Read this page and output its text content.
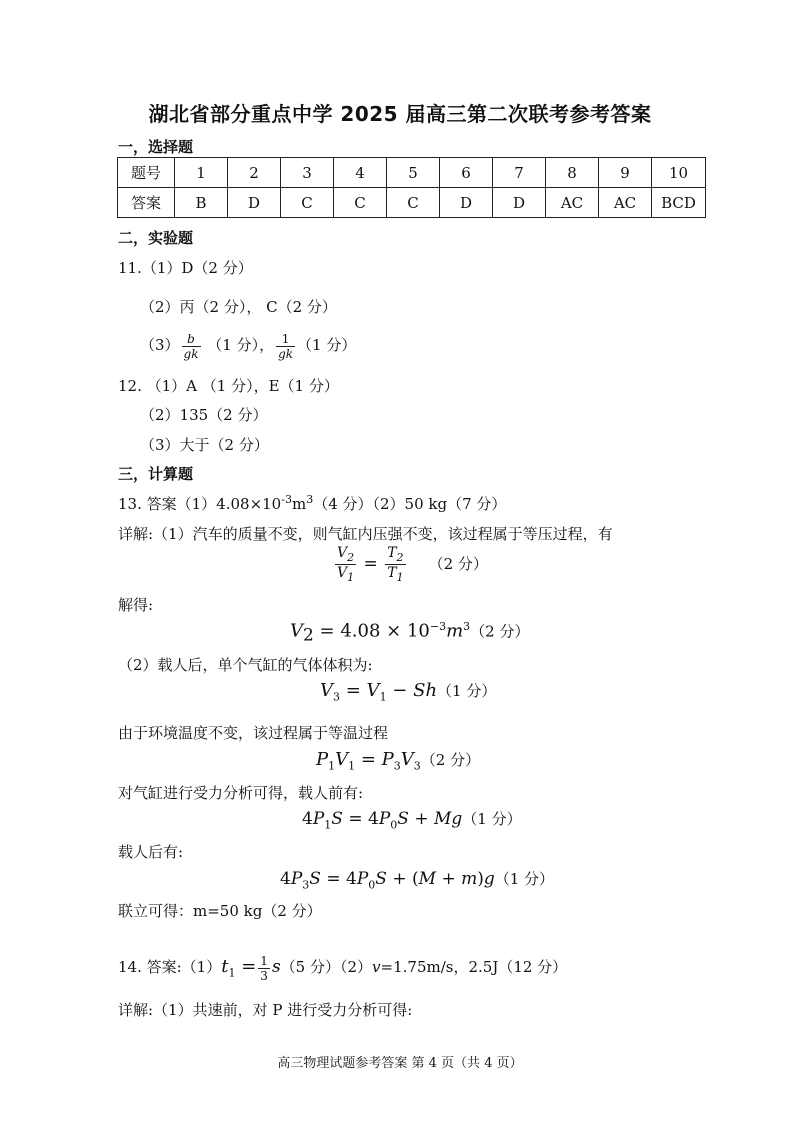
湖北省部分重点中学 2025 届高三第二次联考参考答案
一，选择题
题号	1	2	3	4	5	6	7	8	9	10
答案	B	D	C	C	C	D	D	AC	AC	BCD
二，实验题
11.（1）D（2 分）
（2）丙（2 分）， C（2 分）
$(3) \frac{b}{gk} (1$ 分）， $\frac{1}{gk} (1$ 分）
12. （1）A （1 分），E（1 分）
（2）135（2 分）
（3）大于（2 分）
三，计算题
13. 答案$(1)4.08\times 10^{-3}m^3(4$ 分）（2）50 kg（7 分）
详解:（1）汽车的质量不变，则气缸内压强不变，该过程属于等压过程，有
$\frac{V_2}{V_1} = \frac{T_2}{T_1} (2$ 分）
解得:
$V_2 = 4.08 \times 10^{-3}m^3(2$ 分）
（2）载人后，单个气缸的气体体积为:
$V_3 = V_1 - Sh(1$ 分）
由于环境温度不变，该过程属于等温过程
$P_1V_1 = P_3V_3(2$ 分）
对气缸进行受力分析可得，载人前有:
$4P_1S = 4P_0S + Mg(1$ 分）
载人后有:
$4P_3S = 4P_0S + (M + m)g(1$ 分）
联立可得：m=50 kg（2 分）
14. 答案$:(1)t_1 = \frac{1}{3} s(5$ 分）（2）v=1.75m/s，2.5J（12 分）
详解:（1）共速前，对 P 进行受力分析可得:
高三物理试题参考答案 第 4 页（共 4 页）
